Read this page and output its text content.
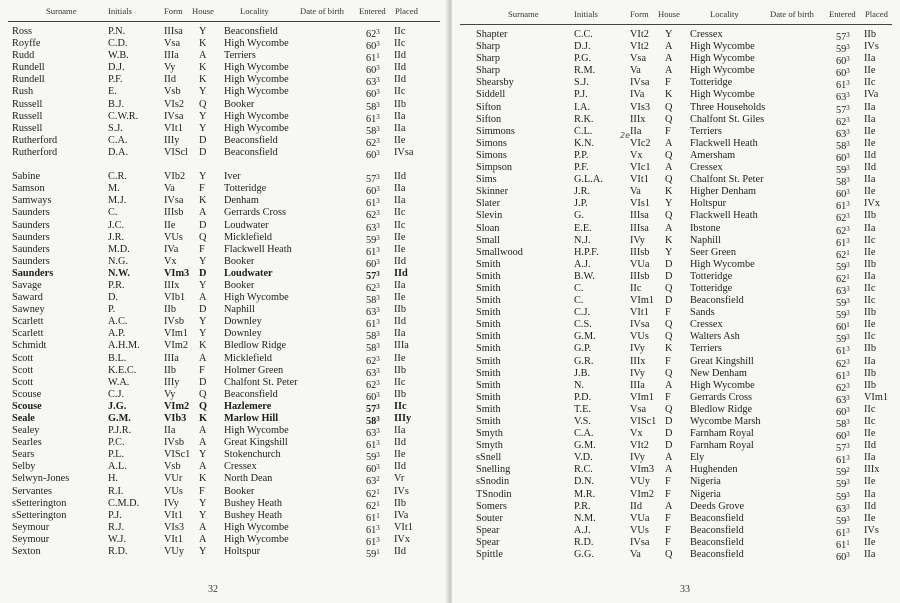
Surname	Initials	Form House	Locality	Date of birth Entered Placed
Ross	P.N.	IIIsa Y Beaconsfield	$62^3$ IIc
Royffe	C.D.	Vsa K High Wycombe	$60^3$ IIc
Rudd	W.B.	IIIa A Terriers	$61^1$ IId
Rundell	D.J.	Vy K High Wycombe	$60^3$ IId
Rundell	P.F.	IId K High Wycombe	$63^3$ IId
Rush	E.	Vsb Y High Wycombe	$60^3$ IIc
Russell	B.J.	VIs2 Q Booker	$58^3$ IIb
Russell	C.W.R.	IVsa Y High Wycombe	$61^3$ IIa
Russell	S.J.	VIt1 Y High Wycombe	$58^3$ IIa
Rutherford	C.A.	IIIy D Beaconsfield	$62^3$ IIe
Rutherford	D.A.	VIScl D Beaconsfield	$60^3$ IVsa
Sabine	C.R.	VIb2 Y Iver	$57^3$ IId
Samson	M.	Va F Totteridge	$60^3$ IIa
Samways	M.J.	IVsa K Denham	$61^3$ IIa
Saunders	C.	IIIsb A Gerrards Cross	$62^3$ IIc
Saunders	J.C.	IIe D Loudwater	$63^3$ IIc
Saunders	J.R.	VUs Q Micklefield	$59^3$ IIe
Saunders	M.D.	IVa F Flackwell Heath	$61^3$ IIe
Saunders	N.G.	Vx Y Booker	$60^3$ IId
Saunders	N.W.	VIm3 D Loudwater	$57^3$ IId
Savage	P.R.	IIIx Y Booker	$62^3$ IIa
Saward	D.	VIb1 A High Wycombe	$58^3$ IIe
Sawney	P.	IIb D Naphill	$63^3$ IIb
Scarlett	A.C.	IVsb Y Downley	$61^3$ IId
Scarlett	A.P.	VIm1 Y Downley	$58^3$ IIa
Schmidt	A.H.M. VIm2 K Bledlow Ridge	$58^3$ IIIa
Scott	B.L.	IIIa A Micklefield	$62^3$ IIe
Scott	K.E.C.	IIb F Holmer Green	$63^3$ IIb
Scott	W.A.	IIIy D Chalfont St. Peter	$62^3$ IIc
Scouse	C.J.	Vy Q Beaconsfield	$60^3$ IIb
Scouse	J.G.	VIm2 Q Hazlemere	$57^3$ IIc
Seale	G.M.	VIb3 K Marlow Hill	$58^3$ IIIy
Sealey	P.J.R.	IIa A High Wycombe	$63^3$ IIa
Searles	P.C.	IVsb A Great Kingshill	$61^3$ IId
Sears	P.L.	VISc1 Y Stokenchurch	$59^3$ IIe
Selby	A.L.	Vsb A Cressex	$60^3$ IId
Selwyn-Jones	H.	VUr K North Dean	$63^2$ Vr
Servantes	R.I.	VUs F Booker	$62^1$ IVs
sSetterington	C.M.D. IVy Y Bushey Heath	$62^1$ IIb
sSetterington	P.J.	VIt1 Y Bushey Heath	$61^1$ IVa
Seymour	R.J.	VIs3 A High Wycombe	$61^3$ VIt1
Seymour	W.J.	VIt1 A High Wycombe	$61^3$ IVx
Sexton	R.D.	VUy Y Holtspur	$59^1$ IId
32
Surname	Initials	Form House	Locality	Date of birth Entered Placed
Shapter	C.C.	VIt2 Y Cressex	$57^3$ IIb
Sharp	D.J.	VIt2 A High Wycombe	$59^3$ IVs
Sharp	P.G.	Vsa A High Wycombe	$60^3$ IIa
Sharp	R.M.	Va A High Wycombe	$60^3$ IIe
Shearsby	S.J.	IVsa F Totteridge	$61^3$ IIc
Siddell	P.J.	IVa K High Wycombe	$63^3$ IVa
Sifton	I.A.	VIs3 Q Three Households	$57^3$ IIa
Sifton	R.K.	IIIx Q Chalfont St. Giles	$62^3$ IIa
Simmons	C.L.	IIa F Terriers	$63^3$ IIe
Simons	K.N.	VIc2 A Flackwell Heath	$58^3$ IIe
Simons	P.P.	Vx Q Amersham	$60^3$ IId
Simpson	P.F.	VIc1 A Cressex	$59^3$ IId
Sims	G.L.A.	VIt1 Q Chalfont St. Peter	$58^3$ IIa
Skinner	J.R.	Va K Higher Denham	$60^3$ IIe
Slater	J.P.	VIs1 Y Holtspur	$61^3$ IVx
Slevin	G.	IIIsa Q Flackwell Heath	$62^3$ IIb
Sloan	E.E.	IIIsa A Ibstone	$62^3$ IIa
Small	N.J.	IVy K Naphill	$61^3$ IIc
Smallwood	H.P.F.	IIIsb Y Seer Green	$62^1$ IIe
Smith	A.J.	VUa D High Wycombe	$59^3$ IIb
Smith	B.W.	IIIsb D Totteridge	$62^1$ IIa
Smith	C.	IIc Q Totteridge	$63^3$ IIc
Smith	C.	VIm1 D Beaconsfield	$59^3$ IIc
Smith	C.J.	VIt1 F Sands	$59^3$ IIb
Smith	C.S.	IVsa Q Cressex	$60^1$ IIe
Smith	G.M.	VUs Q Walters Ash	$59^3$ IIc
Smith	G.P.	IVy K Terriers	$61^3$ IIb
Smith	G.R.	IIIx F Great Kingshill	$62^3$ IIa
Smith	J.B.	IVy Q New Denham	$61^3$ IIb
Smith	N.	IIIa A High Wycombe	$62^3$ IIb
Smith	P.D.	VIm1 F Gerrards Cross	$63^3$ VIm1
Smith	T.E.	Vsa Q Bledlow Ridge	$60^3$ IIc
Smith	V.S.	VISc1 D Wycombe Marsh	$58^3$ IIc
Smyth	C.A.	Vx D Farnham Royal	$60^3$ IIe
Smyth	G.M.	VIt2 D Farnham Royal	$57^3$ IId
sSnell	V.D.	IVy A Ely	$61^3$ IIa
Snelling	R.C.	VIm3 A Hughenden	$59^2$ IIIx
sSnodin	D.N.	VUy F Nigeria	$59^3$ IIe
TSnodin	M.R.	VIm2 F Nigeria	$59^3$ IIa
Somers	P.R.	IId A Deeds Grove	$63^3$ IId
Souter	N.M.	VUa F Beaconsfield	$59^3$ IIe
Spear	A.J.	VUs F Beaconsfield	$61^3$ IVs
Spear	R.D.	IVsa F Beaconsfield	$61^1$ IIe
Spittle	G.G.	Va Q Beaconsfield	$60^3$ IIa
2e
33
